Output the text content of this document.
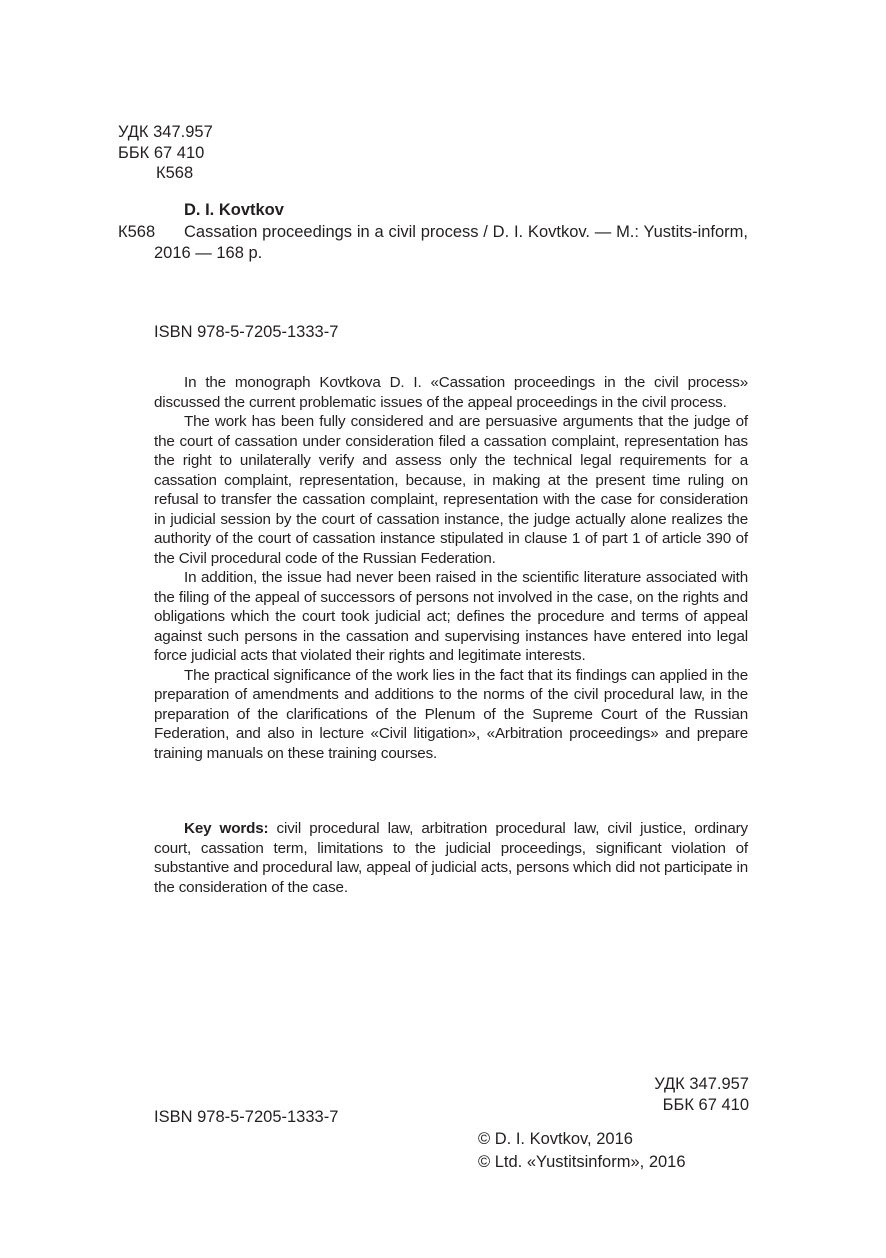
УДК 347.957
ББК 67 410
К568
D. I. Kovtkov
К568	Cassation proceedings in a civil process / D. I. Kovtkov. — M.: Yustits-inform, 2016 — 168 p.
ISBN 978-5-7205-1333-7

In the monograph Kovtkova D. I. «Cassation proceedings in the civil process» discussed the current problematic issues of the appeal proceedings in the civil process.

The work has been fully considered and are persuasive arguments that the judge of the court of cassation under consideration filed a cassation complaint, representation has the right to unilaterally verify and assess only the technical legal requirements for a cassation complaint, representation, because, in making at the present time ruling on refusal to transfer the cassation complaint, representation with the case for consideration in judicial session by the court of cassation instance, the judge actually alone realizes the authority of the court of cassation instance stipulated in clause 1 of part 1 of article 390 of the Civil procedural code of the Russian Federation.

In addition, the issue had never been raised in the scientific literature associated with the filing of the appeal of successors of persons not involved in the case, on the rights and obligations which the court took judicial act; defines the procedure and terms of appeal against such persons in the cassation and supervising instances have entered into legal force judicial acts that violated their rights and legitimate interests.

The practical significance of the work lies in the fact that its findings can applied in the preparation of amendments and additions to the norms of the civil procedural law, in the preparation of the clarifications of the Plenum of the Supreme Court of the Russian Federation, and also in lecture «Civil litigation», «Arbitration proceedings» and prepare training manuals on these training courses.

Key words: civil procedural law, arbitration procedural law, civil justice, ordinary court, cassation term, limitations to the judicial proceedings, significant violation of substantive and procedural law, appeal of judicial acts, persons which did not participate in the consideration of the case.

УДК 347.957
ББК 67 410
ISBN 978-5-7205-1333-7
© D. I. Kovtkov, 2016
© Ltd. «Yustitsinform», 2016
